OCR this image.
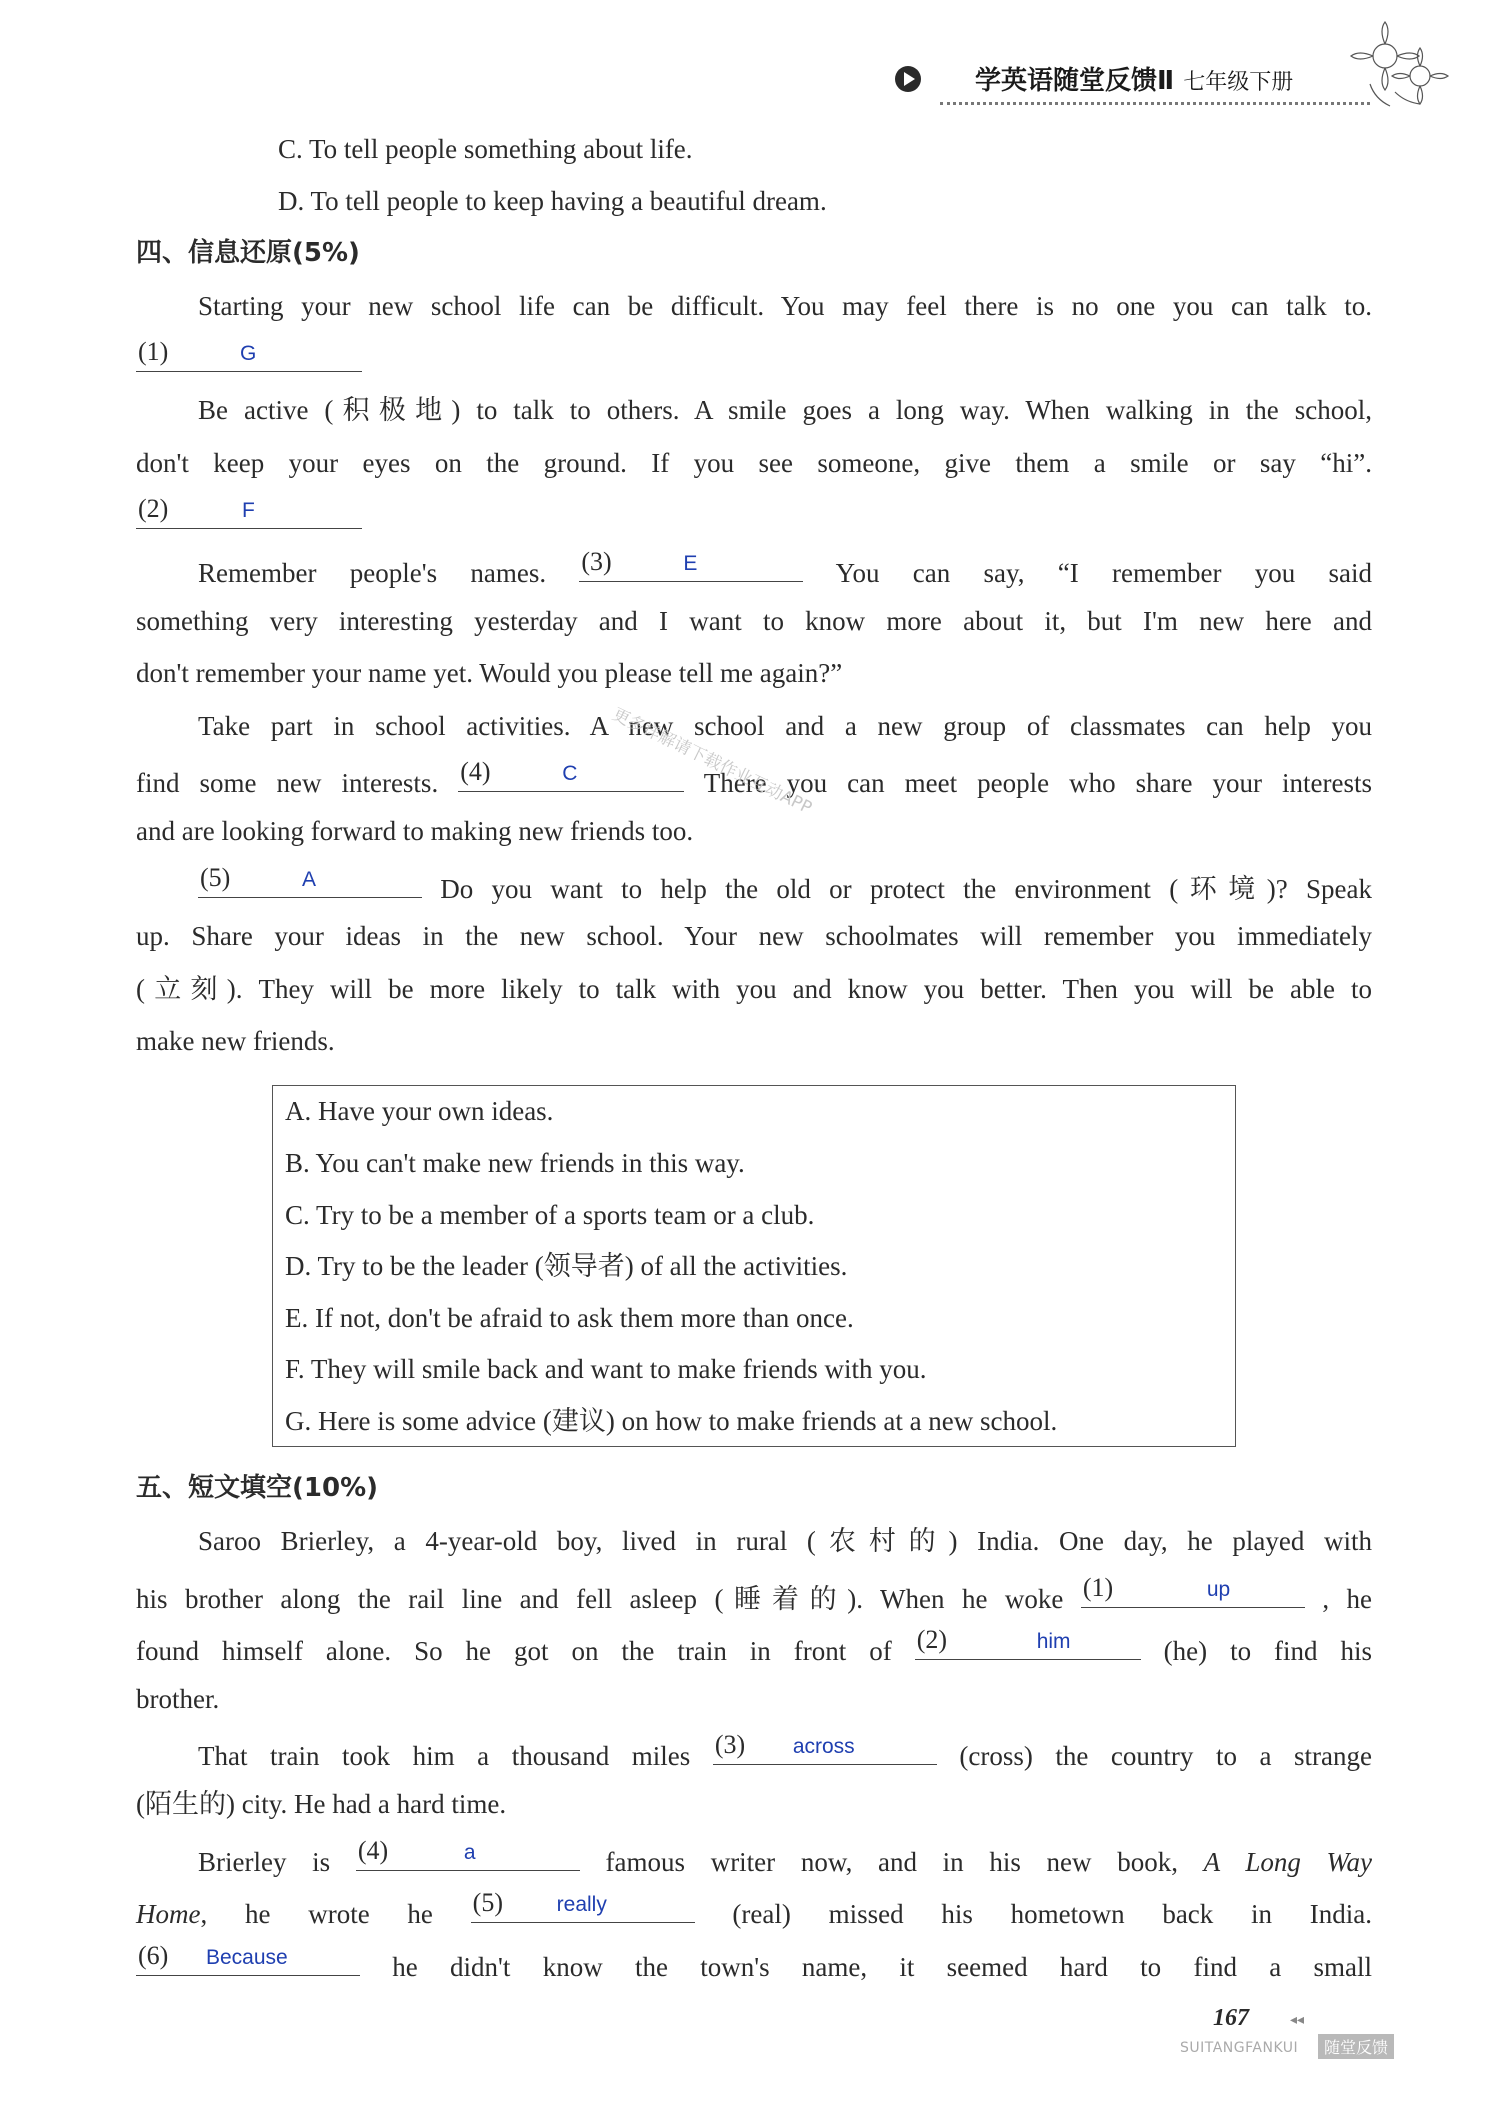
学英语随堂反馈Ⅱ 七年级下册
C. To tell people something about life.
D. To tell people to keep having a beautiful dream.
四、信息还原(5%)
Starting your new school life can be difficult. You may feel there is no one you can talk to.
(1)	G
Be active (积极地) to talk to others. A smile goes a long way. When walking in the school,
don't keep your eyes on the ground. If you see someone, give them a smile or say “hi”.
(2)	F
Remember people's names. (3)	E	You can say, “I remember you said
something very interesting yesterday and I want to know more about it, but I'm new here and
don't remember your name yet. Would you please tell me again?”
Take part in school activities. A new school and a new group of classmates can help you
find some new interests. (4)	C	There you can meet people who share your interests
and are looking forward to making new friends too.
(5)	A	Do you want to help the old or protect the environment (环境)? Speak
up. Share your ideas in the new school. Your new schoolmates will remember you immediately
(立刻). They will be more likely to talk with you and know you better. Then you will be able to
make new friends.
A. Have your own ideas.
B. You can't make new friends in this way.
C. Try to be a member of a sports team or a club.
D. Try to be the leader (领导者) of all the activities.
E. If not, don't be afraid to ask them more than once.
F. They will smile back and want to make friends with you.
G. Here is some advice (建议) on how to make friends at a new school.
五、短文填空(10%)
Saroo Brierley, a 4-year-old boy, lived in rural (农村的) India. One day, he played with
his brother along the rail line and fell asleep (睡着的). When he woke (1)	up	, he
found himself alone. So he got on the train in front of (2)	him	(he) to find his
brother.
That train took him a thousand miles (3) across	(cross) the country to a strange
(陌生的) city. He had a hard time.
Brierley is (4)	a	famous writer now, and in his new book, A Long Way
Home, he wrote he (5)	really	(real) missed his hometown back in India.
(6) Because	he didn't know the town's name, it seemed hard to find a small
更多详解请下载作业互动APP
167	◂◂
SUITANGFANKUI	随堂反馈
